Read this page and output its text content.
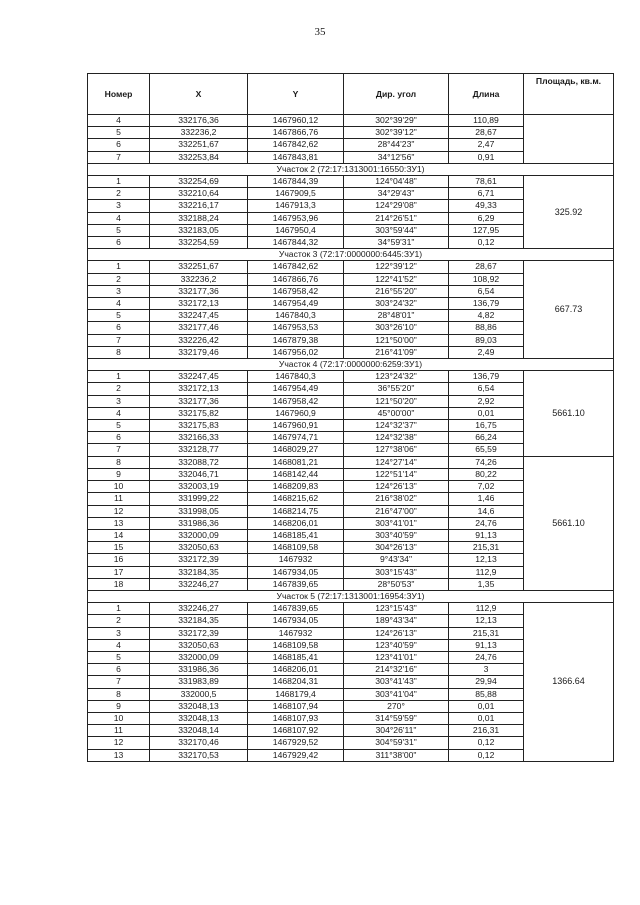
35
Номер	X	Y	Дир. угол	Длина	Площадь, кв.м.
4	332176,36	1467960,12	302°39'29"	110,89	
5	332236,2	1467866,76	302°39'12"	28,67	
6	332251,67	1467842,62	28°44'23"	2,47	
7	332253,84	1467843,81	34°12'56"	0,91	
Участок 2 (72:17:1313001:16550:ЗУ1)					
1	332254,69	1467844,39	124°04'48"	78,61	325.92
2	332210,64	1467909,5	34°29'43"	6,71	
3	332216,17	1467913,3	124°29'08"	49,33	
4	332188,24	1467953,96	214°26'51"	6,29	
5	332183,05	1467950,4	303°59'44"	127,95	
6	332254,59	1467844,32	34°59'31"	0,12	
Участок 3 (72:17:0000000:6445:ЗУ1)					
1	332251,67	1467842,62	122°39'12"	28,67	667.73
2	332236,2	1467866,76	122°41'52"	108,92	
3	332177,36	1467958,42	216°55'20"	6,54	
4	332172,13	1467954,49	303°24'32"	136,79	
5	332247,45	1467840,3	28°48'01"	4,82	
6	332177,46	1467953,53	303°26'10"	88,86	
7	332226,42	1467879,38	121°50'00"	89,03	
8	332179,46	1467956,02	216°41'09"	2,49	
Участок 4 (72:17:0000000:6259:ЗУ1)					
1	332247,45	1467840,3	123°24'32"	136,79	5661.10
2	332172,13	1467954,49	36°55'20"	6,54	
3	332177,36	1467958,42	121°50'20"	2,92	
4	332175,82	1467960,9	45°00'00"	0,01	
5	332175,83	1467960,91	124°32'37"	16,75	
6	332166,33	1467974,71	124°32'38"	66,24	
7	332128,77	1468029,27	127°38'06"	65,59	
8	332088,72	1468081,21	124°27'14"	74,26	5661.10
9	332046,71	1468142,44	122°51'14"	80,22	
10	332003,19	1468209,83	124°26'13"	7,02	
11	331999,22	1468215,62	216°38'02"	1,46	
12	331998,05	1468214,75	216°47'00"	14,6	
13	331986,36	1468206,01	303°41'01"	24,76	
14	332000,09	1468185,41	303°40'59"	91,13	
15	332050,63	1468109,58	304°26'13"	215,31	
16	332172,39	1467932	9°43'34"	12,13	
17	332184,35	1467934,05	303°15'43"	112,9	
18	332246,27	1467839,65	28°50'53"	1,35	
Участок 5 (72:17:1313001:16954:ЗУ1)					
1	332246,27	1467839,65	123°15'43"	112,9	1366.64
2	332184,35	1467934,05	189°43'34"	12,13	
3	332172,39	1467932	124°26'13"	215,31	
4	332050,63	1468109,58	123°40'59"	91,13	
5	332000,09	1468185,41	123°41'01"	24,76	
6	331986,36	1468206,01	214°32'16"	3	
7	331983,89	1468204,31	303°41'43"	29,94	
8	332000,5	1468179,4	303°41'04"	85,88	
9	332048,13	1468107,94	270°	0,01	
10	332048,13	1468107,93	314°59'59"	0,01	
11	332048,14	1468107,92	304°26'11"	216,31	
12	332170,46	1467929,52	304°59'31"	0,12	
13	332170,53	1467929,42	311°38'00"	0,12	
